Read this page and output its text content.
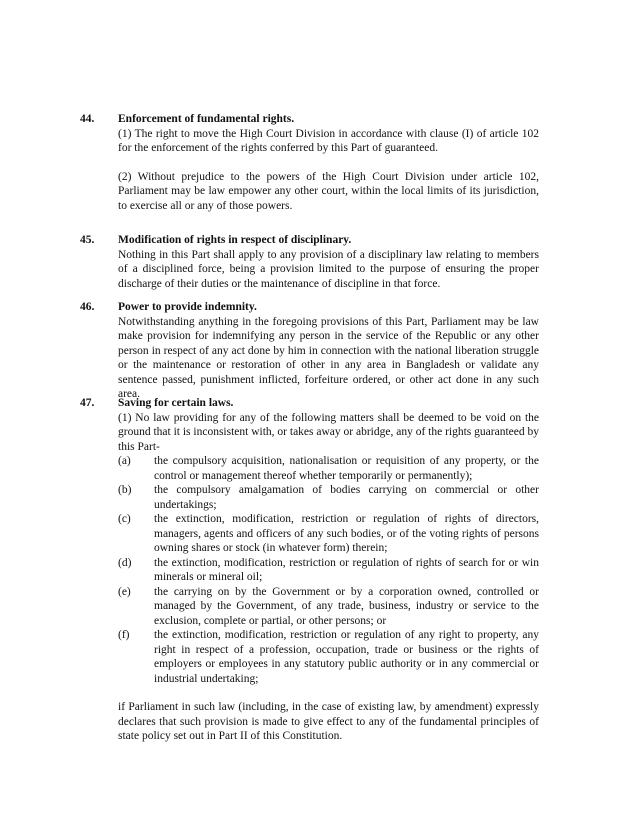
44. Enforcement of fundamental rights.

(1) The right to move the High Court Division in accordance with clause (I) of article 102 for the enforcement of the rights conferred by this Part of guaranteed.

(2) Without prejudice to the powers of the High Court Division under article 102, Parliament may be law empower any other court, within the local limits of its jurisdiction, to exercise all or any of those powers.

45. Modification of rights in respect of disciplinary.

Nothing in this Part shall apply to any provision of a disciplinary law relating to members of a disciplined force, being a provision limited to the purpose of ensuring the proper discharge of their duties or the maintenance of discipline in that force.

46. Power to provide indemnity.

Notwithstanding anything in the foregoing provisions of this Part, Parliament may be law make provision for indemnifying any person in the service of the Republic or any other person in respect of any act done by him in connection with the national liberation struggle or the maintenance or restoration of other in any area in Bangladesh or validate any sentence passed, punishment inflicted, forfeiture ordered, or other act done in any such area.

47. Saving for certain laws.

(1) No law providing for any of the following matters shall be deemed to be void on the ground that it is inconsistent with, or takes away or abridge, any of the rights guaranteed by this Part-

(a)	the compulsory acquisition, nationalisation or requisition of any property, or the control or management thereof whether temporarily or permanently);
(b)	the compulsory amalgamation of bodies carrying on commercial or other undertakings;
(c)	the extinction, modification, restriction or regulation of rights of directors, managers, agents and officers of any such bodies, or of the voting rights of persons owning shares or stock (in whatever form) therein;
(d)	the extinction, modification, restriction or regulation of rights of search for or win minerals or mineral oil;
(e)	the carrying on by the Government or by a corporation owned, controlled or managed by the Government, of any trade, business, industry or service to the exclusion, complete or partial, or other persons; or
(f)	the extinction, modification, restriction or regulation of any right to property, any right in respect of a profession, occupation, trade or business or the rights of employers or employees in any statutory public authority or in any commercial or industrial undertaking;

if Parliament in such law (including, in the case of existing law, by amendment) expressly declares that such provision is made to give effect to any of the fundamental principles of state policy set out in Part II of this Constitution.
